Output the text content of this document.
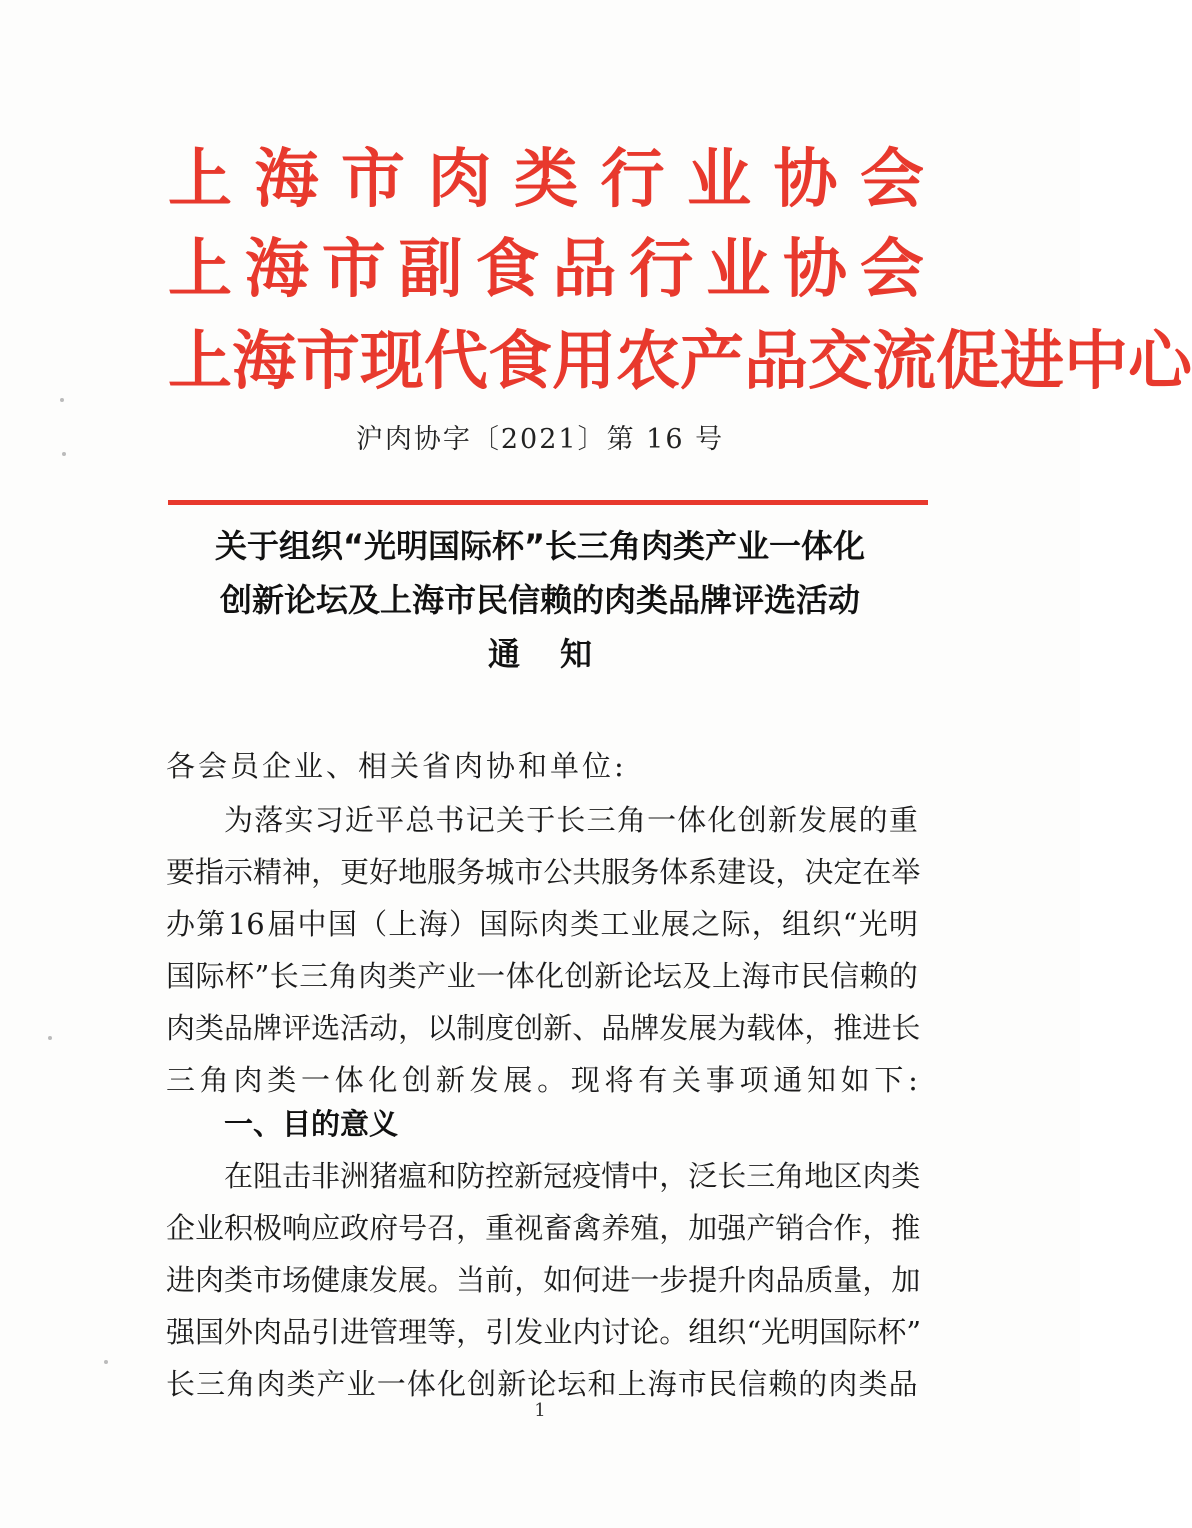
上 海 市 肉 类 行 业 协 会
上 海 市 副 食 品 行 业 协 会
上 海 市 现 代 食 用 农 产 品 交 流 促 进 中 心
沪肉协字〔2021〕第 16 号
关于组织“光明国际杯”长三角肉类产业一体化
创新论坛及上海市民信赖的肉类品牌评选活动
通知
各会员企业、相关省肉协和单位:
为 落 实 习 近 平 总 书 记 关 于 长 三 角 一 体 化 创 新 发 展 的 重
要 指 示 精 神 ， 更 好 地 服 务 城 市 公 共 服 务 体 系 建 设 ， 决 定 在 举
办 第 16 届 中 国 （ 上 海 ） 国 际 肉 类 工 业 展 之 际 ， 组 织 “ 光 明
国 际 杯 ” 长 三 角 肉 类 产 业 一 体 化 创 新 论 坛 及 上 海 市 民 信 赖 的
肉 类 品 牌 评 选 活 动 ， 以 制 度 创 新 、 品 牌 发 展 为 载 体 ， 推 进 长
三 角 肉 类 一 体 化 创 新 发 展 。 现 将 有 关 事 项 通 知 如 下 :
一、目的意义
在 阻 击 非 洲 猪 瘟 和 防 控 新 冠 疫 情 中 ， 泛 长 三 角 地 区 肉 类
企 业 积 极 响 应 政 府 号 召 ， 重 视 畜 禽 养 殖 ， 加 强 产 销 合 作 ， 推
进 肉 类 市 场 健 康 发 展 。 当 前 ， 如 何 进 一 步 提 升 肉 品 质 量 ， 加
强 国 外 肉 品 引 进 管 理 等 ， 引 发 业 内 讨 论 。 组 织 “ 光 明 国 际 杯 ”
长 三 角 肉 类 产 业 一 体 化 创 新 论 坛 和 上 海 市 民 信 赖 的 肉 类 品
1
